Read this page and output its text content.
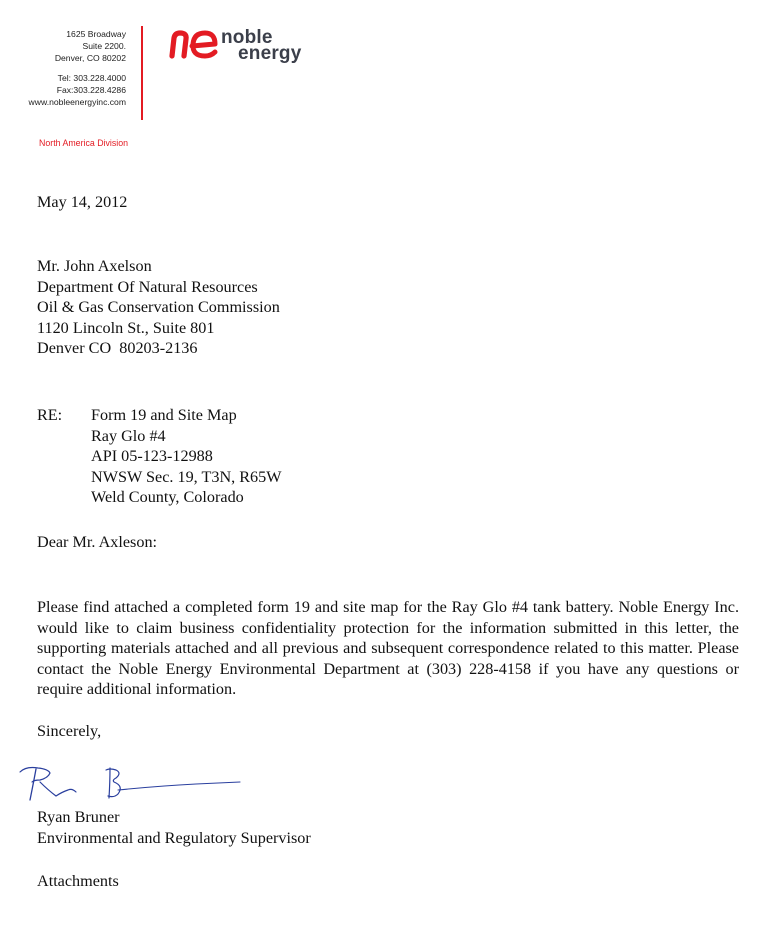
1625 Broadway
Suite 2200.
Denver, CO 80202
Tel: 303.228.4000
Fax:303.228.4286
www.nobleenergyinc.com
North America Division
noble
energy
May 14, 2012
Mr. John Axelson
Department Of Natural Resources
Oil & Gas Conservation Commission
1120 Lincoln St., Suite 801
Denver CO  80203-2136
RE: Form 19 and Site Map
Ray Glo #4
API 05-123-12988
NWSW Sec. 19, T3N, R65W
Weld County, Colorado
Dear Mr. Axleson:
Please find attached a completed form 19 and site map for the Ray Glo #4 tank battery. Noble Energy Inc. would like to claim business confidentiality protection for the information submitted in this letter, the supporting materials attached and all previous and subsequent correspondence related to this matter. Please contact the Noble Energy Environmental Department at (303) 228-4158 if you have any questions or require additional information.
Sincerely,
Ryan Bruner
Environmental and Regulatory Supervisor
Attachments
